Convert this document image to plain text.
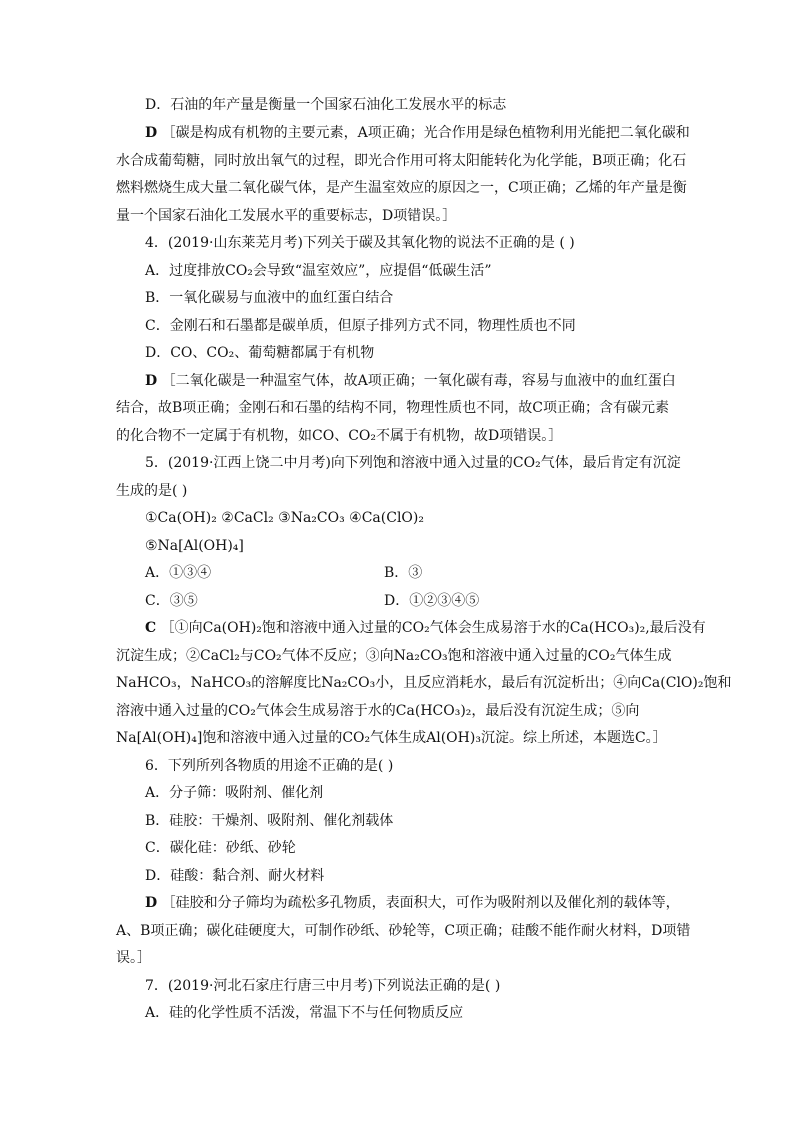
D．石油的年产量是衡量一个国家石油化工发展水平的标志
D ［碳是构成有机物的主要元素，A项正确；光合作用是绿色植物利用光能把二氧化碳和
水合成葡萄糖，同时放出氧气的过程，即光合作用可将太阳能转化为化学能，B项正确；化石
燃料燃烧生成大量二氧化碳气体，是产生温室效应的原因之一，C项正确；乙烯的年产量是衡
量一个国家石油化工发展水平的重要标志，D项错误。］
4．(2019·山东莱芜月考)下列关于碳及其氧化物的说法不正确的是 ( )
A．过度排放CO₂会导致“温室效应”，应提倡“低碳生活”
B．一氧化碳易与血液中的血红蛋白结合
C．金刚石和石墨都是碳单质，但原子排列方式不同，物理性质也不同
D．CO、CO₂、葡萄糖都属于有机物
D ［二氧化碳是一种温室气体，故A项正确；一氧化碳有毒，容易与血液中的血红蛋白
结合，故B项正确；金刚石和石墨的结构不同，物理性质也不同，故C项正确；含有碳元素
的化合物不一定属于有机物，如CO、CO₂不属于有机物，故D项错误。］
5．(2019·江西上饶二中月考)向下列饱和溶液中通入过量的CO₂气体，最后肯定有沉淀
生成的是( )
①Ca(OH)₂ ②CaCl₂ ③Na₂CO₃ ④Ca(ClO)₂
⑤Na[Al(OH)₄]
A．①③④	B．③
C．③⑤	D．①②③④⑤
C ［①向Ca(OH)₂饱和溶液中通入过量的CO₂气体会生成易溶于水的Ca(HCO₃)₂,最后没有
沉淀生成；②CaCl₂与CO₂气体不反应；③向Na₂CO₃饱和溶液中通入过量的CO₂气体生成
NaHCO₃，NaHCO₃的溶解度比Na₂CO₃小，且反应消耗水，最后有沉淀析出；④向Ca(ClO)₂饱和
溶液中通入过量的CO₂气体会生成易溶于水的Ca(HCO₃)₂，最后没有沉淀生成；⑤向
Na[Al(OH)₄]饱和溶液中通入过量的CO₂气体生成Al(OH)₃沉淀。综上所述，本题选C。］
6．下列所列各物质的用途不正确的是( )
A．分子筛：吸附剂、催化剂
B．硅胶：干燥剂、吸附剂、催化剂载体
C．碳化硅：砂纸、砂轮
D．硅酸：黏合剂、耐火材料
D ［硅胶和分子筛均为疏松多孔物质，表面积大，可作为吸附剂以及催化剂的载体等，
A、B项正确；碳化硅硬度大，可制作砂纸、砂轮等，C项正确；硅酸不能作耐火材料，D项错
误。］
7．(2019·河北石家庄行唐三中月考)下列说法正确的是( )
A．硅的化学性质不活泼，常温下不与任何物质反应
